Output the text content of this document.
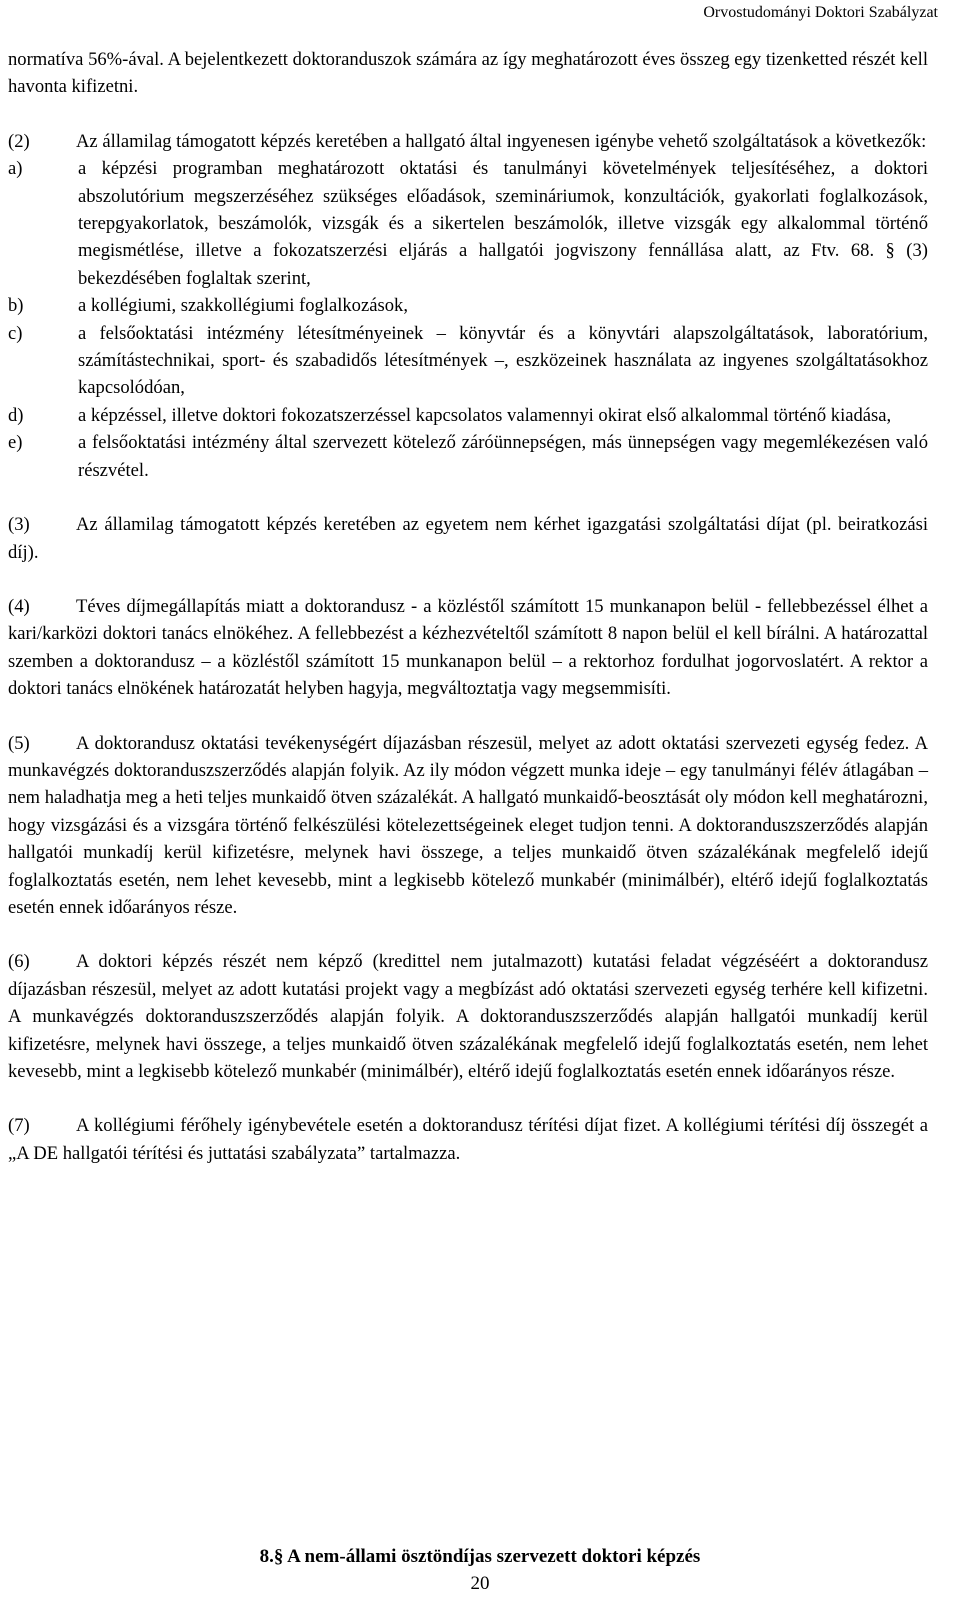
Orvostudományi Doktori Szabályzat

normatíva 56%-ával. A bejelentkezett doktoranduszok számára az így meghatározott éves összeg egy tizenketted részét kell havonta kifizetni.

(2) Az államilag támogatott képzés keretében a hallgató által ingyenesen igénybe vehető szolgáltatások a következők:

a)	a képzési programban meghatározott oktatási és tanulmányi követelmények teljesítéséhez, a doktori abszolutórium megszerzéséhez szükséges előadások, szemináriumok, konzultációk, gyakorlati foglalkozások, terepgyakorlatok, beszámolók, vizsgák és a sikertelen beszámolók, illetve vizsgák egy alkalommal történő megismétlése, illetve a fokozatszerzési eljárás a hallgatói jogviszony fennállása alatt, az Ftv. 68. § (3) bekezdésében foglaltak szerint,
b)	a kollégiumi, szakkollégiumi foglalkozások,
c)	a felsőoktatási intézmény létesítményeinek – könyvtár és a könyvtári alapszolgáltatások, laboratórium, számítástechnikai, sport- és szabadidős létesítmények –, eszközeinek használata az ingyenes szolgáltatásokhoz kapcsolódóan,
d)	a képzéssel, illetve doktori fokozatszerzéssel kapcsolatos valamennyi okirat első alkalommal történő kiadása,
e)	a felsőoktatási intézmény által szervezett kötelező záróünnepségen, más ünnepségen vagy megemlékezésen való részvétel.

(3) Az államilag támogatott képzés keretében az egyetem nem kérhet igazgatási szolgáltatási díjat (pl. beiratkozási díj).

(4) Téves díjmegállapítás miatt a doktorandusz - a közléstől számított 15 munkanapon belül - fellebbezéssel élhet a kari/karközi doktori tanács elnökéhez. A fellebbezést a kézhezvételtől számított 8 napon belül el kell bírálni. A határozattal szemben a doktorandusz – a közléstől számított 15 munkanapon belül – a rektorhoz fordulhat jogorvoslatért. A rektor a doktori tanács elnökének határozatát helyben hagyja, megváltoztatja vagy megsemmisíti.

(5) A doktorandusz oktatási tevékenységért díjazásban részesül, melyet az adott oktatási szervezeti egység fedez. A munkavégzés doktoranduszszerződés alapján folyik. Az ily módon végzett munka ideje – egy tanulmányi félév átlagában – nem haladhatja meg a heti teljes munkaidő ötven százalékát. A hallgató munkaidő-beosztását oly módon kell meghatározni, hogy vizsgázási és a vizsgára történő felkészülési kötelezettségeinek eleget tudjon tenni. A doktoranduszszerződés alapján hallgatói munkadíj kerül kifizetésre, melynek havi összege, a teljes munkaidő ötven százalékának megfelelő idejű foglalkoztatás esetén, nem lehet kevesebb, mint a legkisebb kötelező munkabér (minimálbér), eltérő idejű foglalkoztatás esetén ennek időarányos része.

(6) A doktori képzés részét nem képző (kredittel nem jutalmazott) kutatási feladat végzéséért a doktorandusz díjazásban részesül, melyet az adott kutatási projekt vagy a megbízást adó oktatási szervezeti egység terhére kell kifizetni. A munkavégzés doktoranduszszerződés alapján folyik. A doktoranduszszerződés alapján hallgatói munkadíj kerül kifizetésre, melynek havi összege, a teljes munkaidő ötven százalékának megfelelő idejű foglalkoztatás esetén, nem lehet kevesebb, mint a legkisebb kötelező munkabér (minimálbér), eltérő idejű foglalkoztatás esetén ennek időarányos része.

(7) A kollégiumi férőhely igénybevétele esetén a doktorandusz térítési díjat fizet. A kollégiumi térítési díj összegét a „A DE hallgatói térítési és juttatási szabályzata” tartalmazza.

8.§ A nem-állami ösztöndíjas szervezett doktori képzés
20
